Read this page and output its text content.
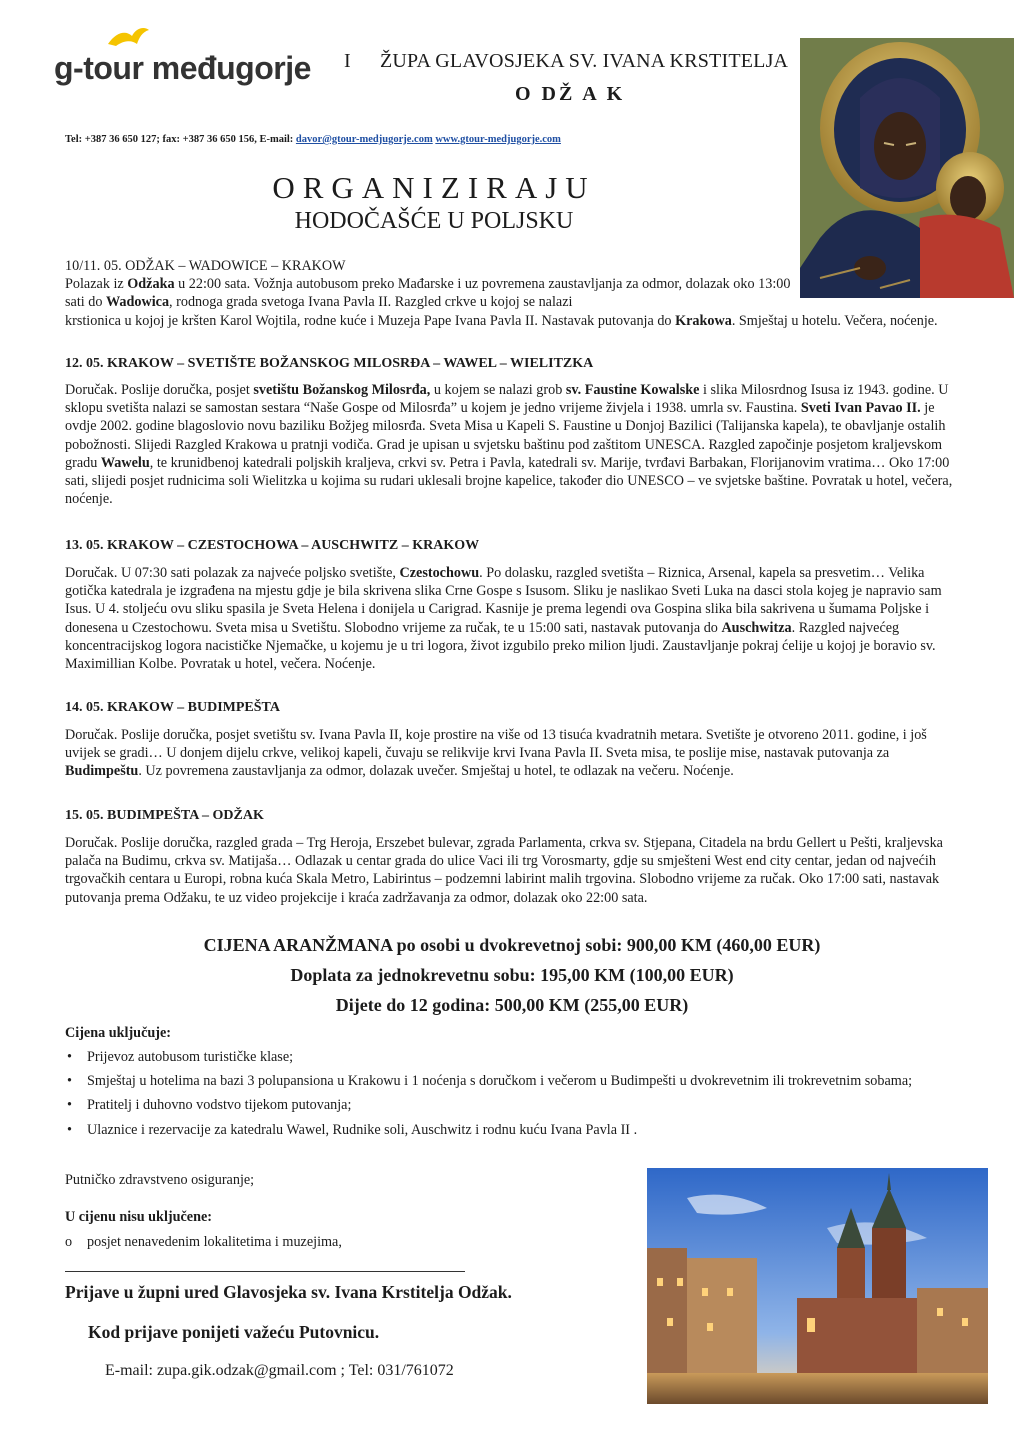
g-tour međugorje I ŽUPA GLAVOSJEKA SV. IVANA KRSTITELJA
O DŽ A K
Tel: +387 36 650 127; fax: +387 36 650 156, E-mail: davor@gtour-medjugorje.com www.gtour-medjugorje.com
ORGANIZIRAJU
HODOČAŠĆE U POLJSKU
10/11. 05. ODŽAK – WADOWICE – KRAKOW
Polazak iz Odžaka u 22:00 sata. Vožnja autobusom preko Mađarske i uz povremena zaustavljanja za odmor, dolazak oko 13:00 sati do Wadowica, rodnoga grada svetoga Ivana Pavla II. Razgled crkve u kojoj se nalazi
krstionica u kojoj je kršten Karol Wojtila, rodne kuće i Muzeja Pape Ivana Pavla II. Nastavak putovanja do Krakowa. Smještaj u hotelu. Večera, noćenje.
12. 05. KRAKOW – SVETIŠTE BOŽANSKOG MILOSRĐA – WAWEL – WIELITZKA
Doručak. Poslije doručka, posjet svetištu Božanskog Milosrđa, u kojem se nalazi grob sv. Faustine Kowalske i slika Milosrdnog Isusa iz 1943. godine. U sklopu svetišta nalazi se samostan sestara “Naše Gospe od Milosrđa” u kojem je jedno vrijeme živjela i 1938. umrla sv. Faustina. Sveti Ivan Pavao II. je ovdje 2002. godine blagoslovio novu baziliku Božjeg milosrđa. Sveta Misa u Kapeli S. Faustine u Donjoj Bazilici (Talijanska kapela), te obavljanje ostalih pobožnosti. Slijedi Razgled Krakowa u pratnji vodiča. Grad je upisan u svjetsku baštinu pod zaštitom UNESCA. Razgled započinje posjetom kraljevskom gradu Wawelu, te krunidbenoj katedrali poljskih kraljeva, crkvi sv. Petra i Pavla, katedrali sv. Marije, tvrđavi Barbakan, Florijanovim vratima… Oko 17:00 sati, slijedi posjet rudnicima soli Wielitzka u kojima su rudari uklesali brojne kapelice, također dio UNESCO – ve svjetske baštine. Povratak u hotel, večera, noćenje.
13. 05. KRAKOW – CZESTOCHOWA – AUSCHWITZ – KRAKOW
Doručak. U 07:30 sati polazak za najveće poljsko svetište, Czestochowu. Po dolasku, razgled svetišta – Riznica, Arsenal, kapela sa presvetim… Velika gotička katedrala je izgrađena na mjestu gdje je bila skrivena slika Crne Gospe s Isusom. Sliku je naslikao Sveti Luka na dasci stola kojeg je napravio sam Isus. U 4. stoljeću ovu sliku spasila je Sveta Helena i donijela u Carigrad. Kasnije je prema legendi ova Gospina slika bila sakrivena u šumama Poljske i donesena u Czestochowu. Sveta misa u Svetištu. Slobodno vrijeme za ručak, te u 15:00 sati, nastavak putovanja do Auschwitza. Razgled najvećeg koncentracijskog logora nacističke Njemačke, u kojemu je u tri logora, život izgubilo preko milion ljudi. Zaustavljanje pokraj ćelije u kojoj je boravio sv. Maximillian Kolbe. Povratak u hotel, večera. Noćenje.
14. 05. KRAKOW – BUDIMPEŠTA
Doručak. Poslije doručka, posjet svetištu sv. Ivana Pavla II, koje prostire na više od 13 tisuća kvadratnih metara. Svetište je otvoreno 2011. godine, i još uvijek se gradi… U donjem dijelu crkve, velikoj kapeli, čuvaju se relikvije krvi Ivana Pavla II. Sveta misa, te poslije mise, nastavak putovanja za Budimpeštu. Uz povremena zaustavljanja za odmor, dolazak uvečer. Smještaj u hotel, te odlazak na večeru. Noćenje.
15. 05. BUDIMPEŠTA – ODŽAK
Doručak. Poslije doručka, razgled grada – Trg Heroja, Erszebet bulevar, zgrada Parlamenta, crkva sv. Stjepana, Citadela na brdu Gellert u Pešti, kraljevska palača na Budimu, crkva sv. Matijaša… Odlazak u centar grada do ulice Vaci ili trg Vorosmarty, gdje su smješteni West end city centar, jedan od najvećih trgovačkih centara u Europi, robna kuća Skala Metro, Labirintus – podzemni labirint malih trgovina. Slobodno vrijeme za ručak. Oko 17:00 sati, nastavak putovanja prema Odžaku, te uz video projekcije i kraća zadržavanja za odmor, dolazak oko 22:00 sata.
CIJENA ARANŽMANA po osobi u dvokrevetnoj sobi: 900,00 KM (460,00 EUR)
Doplata za jednokrevetnu sobu: 195,00 KM (100,00 EUR)
Dijete do 12 godina: 500,00 KM (255,00 EUR)
Cijena uključuje:
• Prijevoz autobusom turističke klase;
• Smještaj u hotelima na bazi 3 polupansiona u Krakowu i 1 noćenja s doručkom i večerom u Budimpešti u dvokrevetnim ili trokrevetnim sobama;
• Pratitelj i duhovno vodstvo tijekom putovanja;
• Ulaznice i rezervacije za katedralu Wawel, Rudnike soli, Auschwitz i rodnu kuću Ivana Pavla II .
Putničko zdravstveno osiguranje;
U cijenu nisu uključene:
o posjet nenavedenim lokalitetima i muzejima,
Prijave u župni ured Glavosjeka sv. Ivana Krstitelja Odžak.
Kod prijave ponijeti važeću Putovnicu.
E-mail: zupa.gik.odzak@gmail.com ; Tel: 031/761072
